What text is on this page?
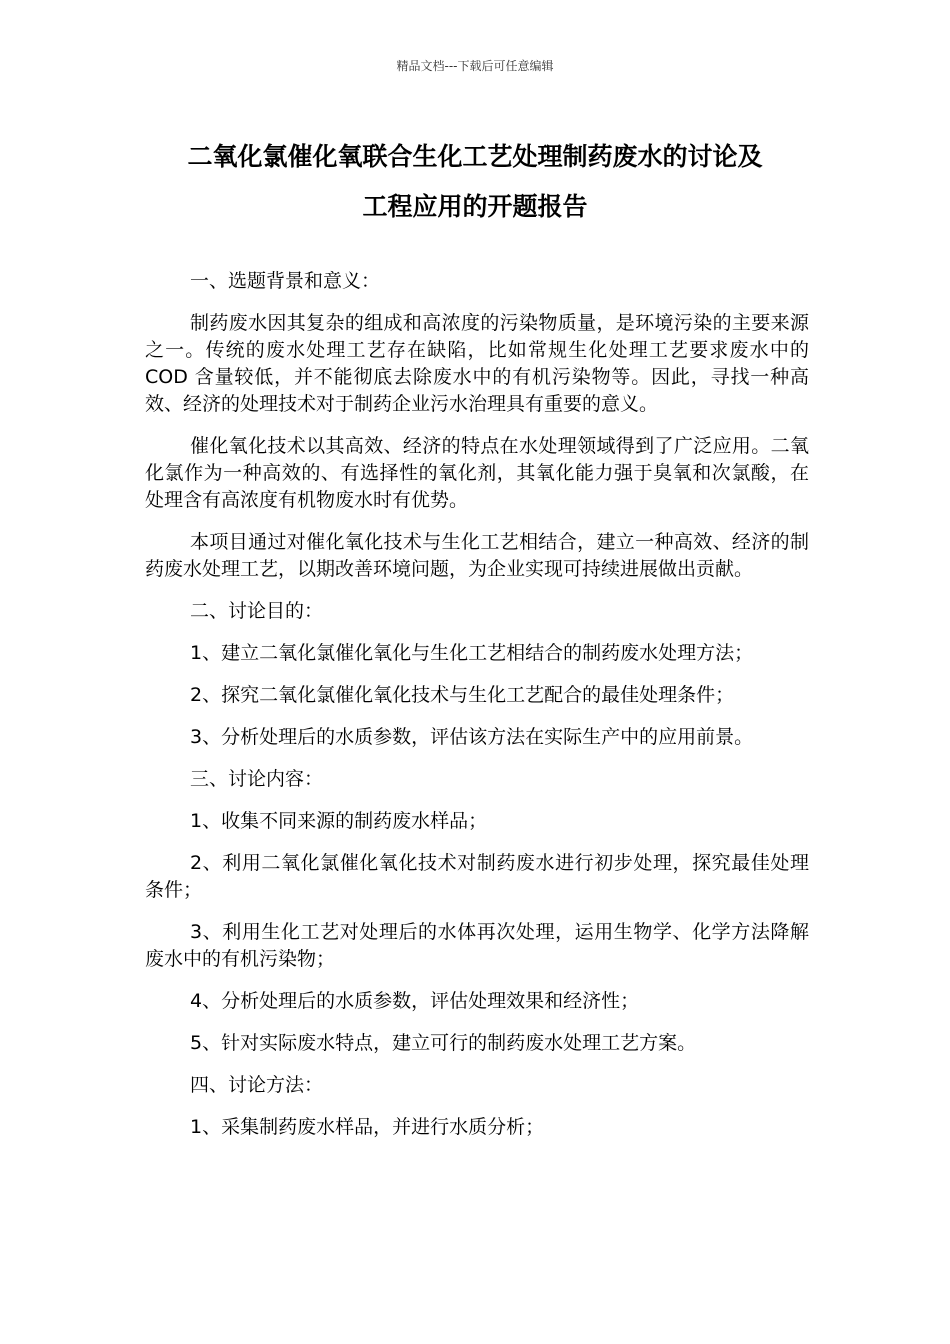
精品文档---下载后可任意编辑
二氧化氯催化氧联合生化工艺处理制药废水的讨论及
工程应用的开题报告

一、选题背景和意义：

制药废水因其复杂的组成和高浓度的污染物质量，是环境污染的主要来源之一。传统的废水处理工艺存在缺陷，比如常规生化处理工艺要求废水中的 COD 含量较低，并不能彻底去除废水中的有机污染物等。因此，寻找一种高效、经济的处理技术对于制药企业污水治理具有重要的意义。

催化氧化技术以其高效、经济的特点在水处理领域得到了广泛应用。二氧化氯作为一种高效的、有选择性的氧化剂，其氧化能力强于臭氧和次氯酸，在处理含有高浓度有机物废水时有优势。

本项目通过对催化氧化技术与生化工艺相结合，建立一种高效、经济的制药废水处理工艺，以期改善环境问题，为企业实现可持续进展做出贡献。

二、讨论目的：

1、建立二氧化氯催化氧化与生化工艺相结合的制药废水处理方法；

2、探究二氧化氯催化氧化技术与生化工艺配合的最佳处理条件；

3、分析处理后的水质参数，评估该方法在实际生产中的应用前景。

三、讨论内容：

1、收集不同来源的制药废水样品；

2、利用二氧化氯催化氧化技术对制药废水进行初步处理，探究最佳处理条件；

3、利用生化工艺对处理后的水体再次处理，运用生物学、化学方法降解废水中的有机污染物；

4、分析处理后的水质参数，评估处理效果和经济性；

5、针对实际废水特点，建立可行的制药废水处理工艺方案。

四、讨论方法：

1、采集制药废水样品，并进行水质分析；
